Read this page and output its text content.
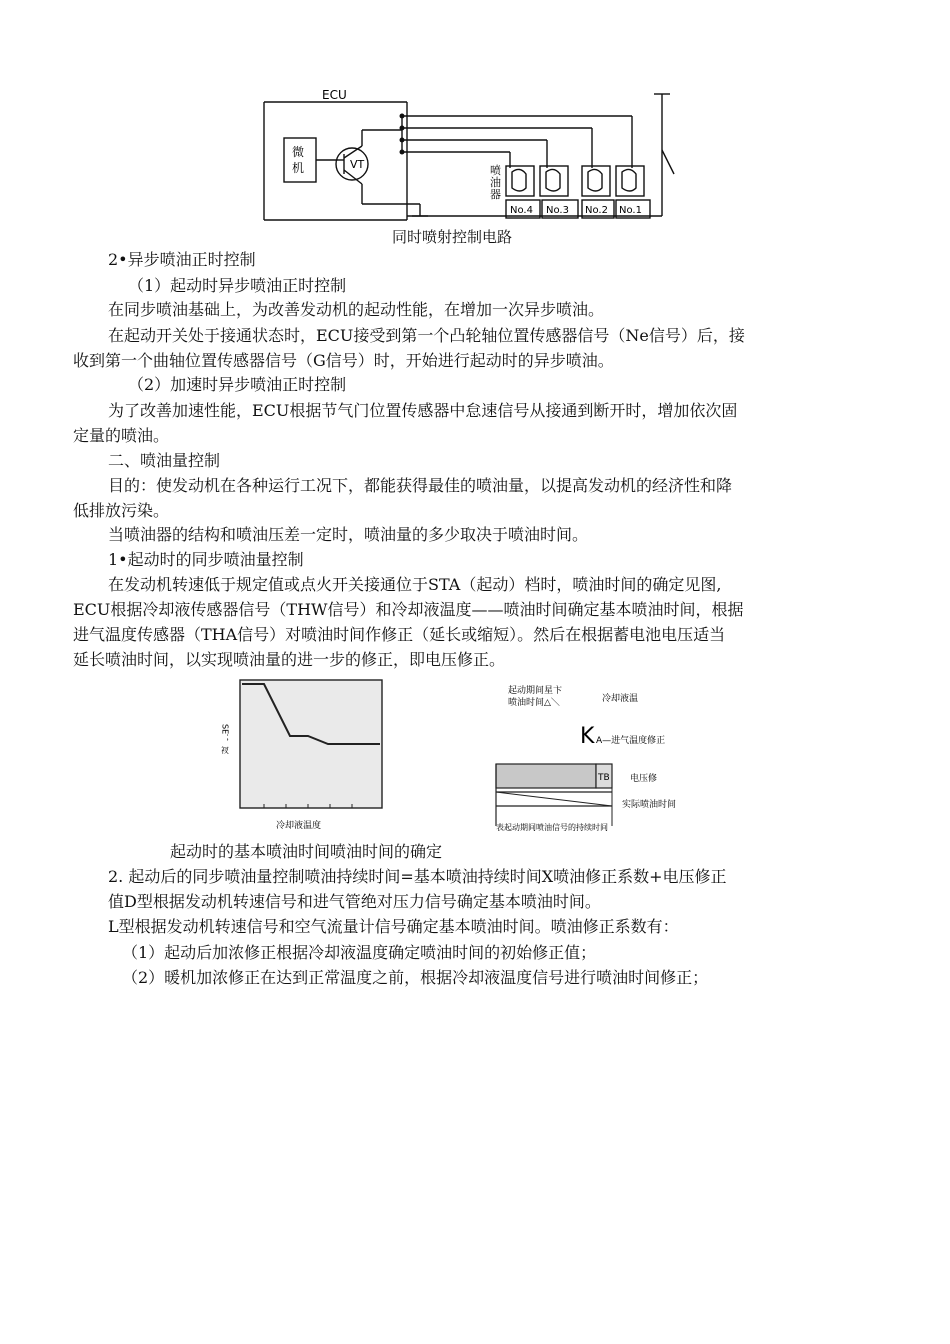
ECU
微
机	VT	喷
油
器
No.4 No.3 No.2 No.1
同时喷射控制电路
2•异步喷油正时控制
（1）起动时异步喷油正时控制
在同步喷油基础上，为改善发动机的起动性能，在增加一次异步喷油。
在起动开关处于接通状态时，ECU接受到第一个凸轮轴位置传感器信号（Ne信号）后，接
收到第一个曲轴位置传感器信号（G信号）时，开始进行起动时的异步喷油。
（2）加速时异步喷油正时控制
为了改善加速性能，ECU根据节气门位置传感器中怠速信号从接通到断开时，增加依次固
定量的喷油。
二、喷油量控制
目的：使发动机在各种运行工况下，都能获得最佳的喷油量，以提高发动机的经济性和降
低排放污染。
当喷油器的结构和喷油压差一定时，喷油量的多少取决于喷油时间。
1•起动时的同步喷油量控制
在发动机转速低于规定值或点火开关接通位于STA（起动）档时，喷油时间的确定见图,
ECU根据冷却液传感器信号（THW信号）和冷却液温度——喷油时间确定基本喷油时间，根据
进气温度传感器（THA信号）对喷油时间作修正（延长或缩短）。然后在根据蓄电池电压适当
延长喷油时间，以实现喷油量的进一步的修正，即电压修正。
SE．，衩
冷却液温度
起动期间星卞
喷油时间△＼	冷却液温
K A—进气温度修正
TB 电压修
实际喷油时间
表起动期间喷油信号的持续时间
起动时的基本喷油时间喷油时间的确定
2. 起动后的同步喷油量控制喷油持续时间=基本喷油持续时间X喷油修正系数+电压修正
值D型根据发动机转速信号和进气管绝对压力信号确定基本喷油时间。
L型根据发动机转速信号和空气流量计信号确定基本喷油时间。喷油修正系数有：
（1）起动后加浓修正根据冷却液温度确定喷油时间的初始修正值；
（2）暖机加浓修正在达到正常温度之前，根据冷却液温度信号进行喷油时间修正；
